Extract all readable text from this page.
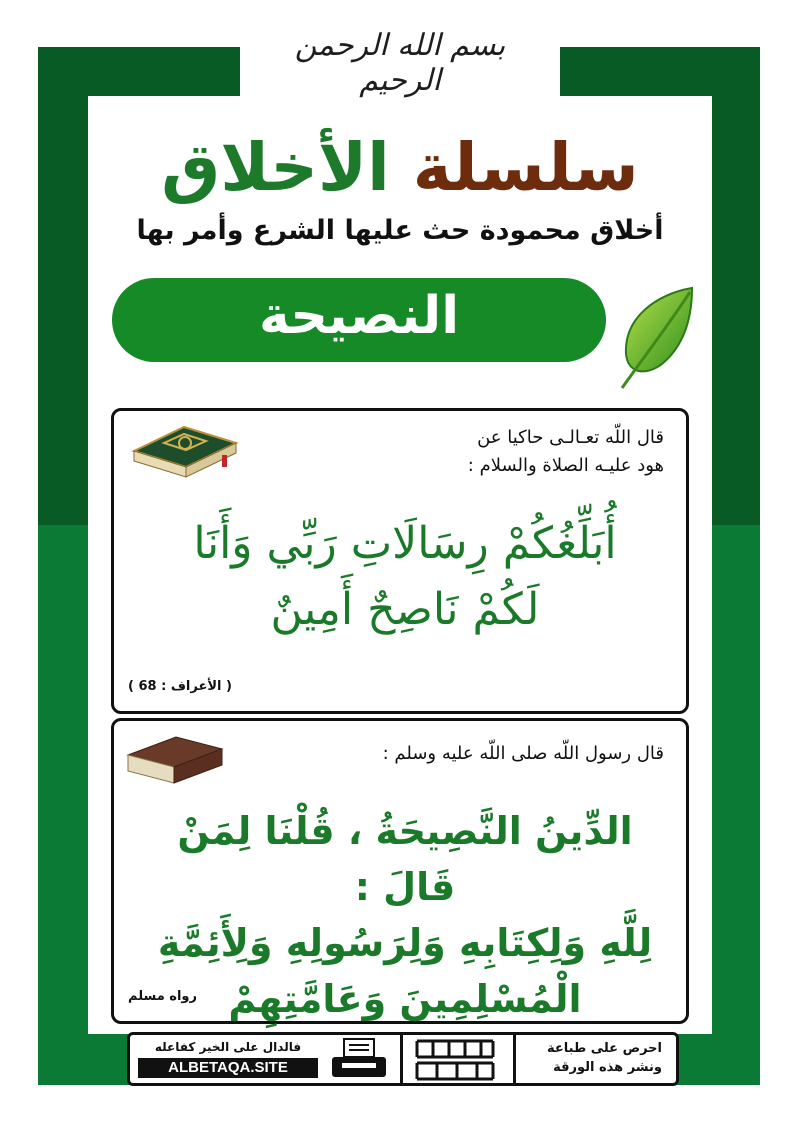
بسم الله الرحمن الرحيم
سلسلة الأخلاق
أخلاق محمودة حث عليها الشرع وأمر بها
النصيحة
قال اللّه تعـالـى حاكيا عن
هود عليـه الصلاة والسلام :
أُبَلِّغُكُمْ رِسَالَاتِ رَبِّي وَأَنَا
لَكُمْ نَاصِحٌ أَمِينٌ
( الأعراف : 68 )
قال رسول اللّه صلى اللّه عليه وسلم :
الدِّينُ النَّصِيحَةُ ، قُلْنَا لِمَنْ قَالَ :
لِلَّهِ وَلِكِتَابِهِ وَلِرَسُولِهِ وَلِأَئِمَّةِ
الْمُسْلِمِينَ وَعَامَّتِهِمْ
رواه مسلم
احرص على طباعة
ونشر هذه الورقة
فالدال على الخير كفاعله
ALBETAQA.SITE
